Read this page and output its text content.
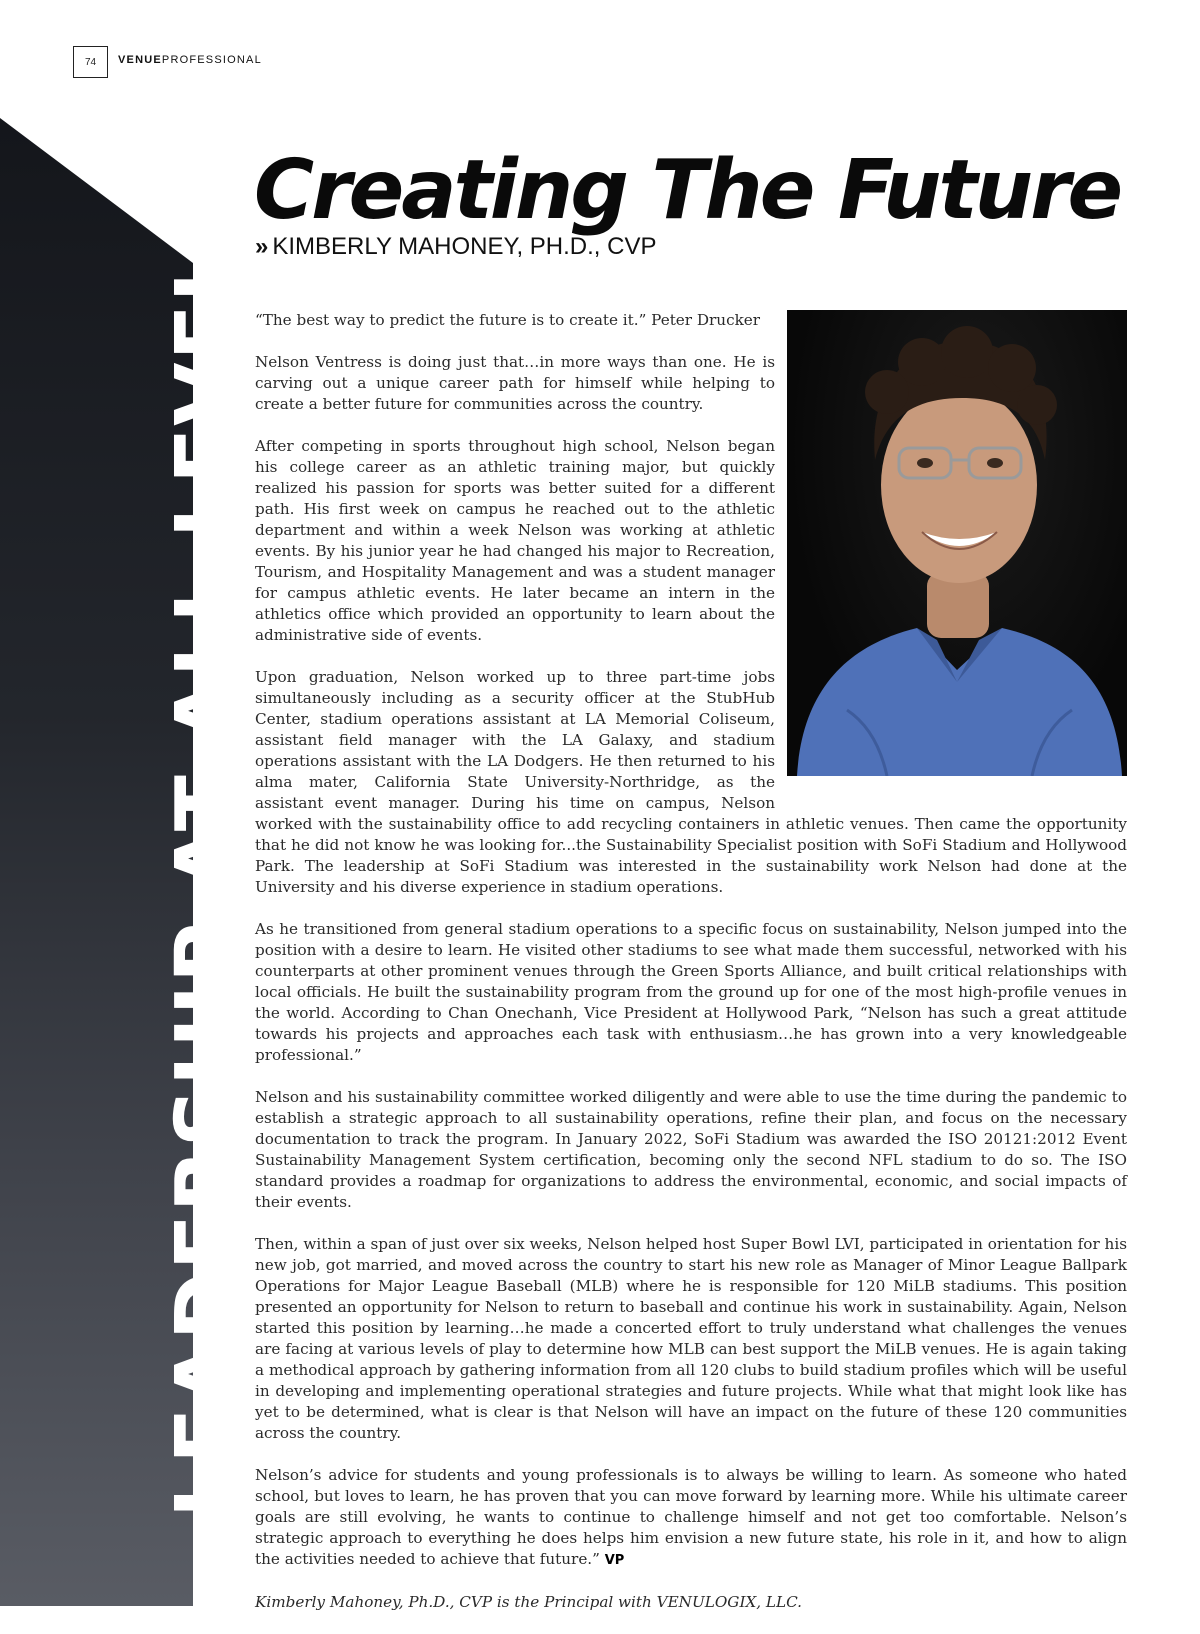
74	VENUEPROFESSIONAL
LEADERSHIP AT ALL LEVELS Creating The Future
» KIMBERLY MAHONEY, PH.D., CVP

“The best way to predict the future is to create it.” Peter Drucker

Nelson Ventress is doing just that…in more ways than one. He is carving out a unique career path for himself while helping to create a better future for communities across the country.

After competing in sports throughout high school, Nelson began his college career as an athletic training major, but quickly realized his passion for sports was better suited for a different path. His first week on campus he reached out to the athletic department and within a week Nelson was working at athletic events. By his junior year he had changed his major to Recreation, Tourism, and Hospitality Management and was a student manager for campus athletic events. He later became an intern in the athletics office which provided an opportunity to learn about the administrative side of events.

Upon graduation, Nelson worked up to three part-time jobs simultaneously including as a security officer at the StubHub Center, stadium operations assistant at LA Memorial Coliseum, assistant field manager with the LA Galaxy, and stadium operations assistant with the LA Dodgers. He then returned to his alma mater, California State University-Northridge, as the assistant event manager. During his time on campus, Nelson worked with the sustainability office to add recycling containers in athletic venues. Then came the opportunity that he did not know he was looking for...the Sustainability Specialist position with SoFi Stadium and Hollywood Park. The leadership at SoFi Stadium was interested in the sustainability work Nelson had done at the University and his diverse experience in stadium operations.

As he transitioned from general stadium operations to a specific focus on sustainability, Nelson jumped into the position with a desire to learn. He visited other stadiums to see what made them successful, networked with his counterparts at other prominent venues through the Green Sports Alliance, and built critical relationships with local officials. He built the sustainability program from the ground up for one of the most high-profile venues in the world. According to Chan Onechanh, Vice President at Hollywood Park, “Nelson has such a great attitude towards his projects and approaches each task with enthusiasm…he has grown into a very knowledgeable professional.”

Nelson and his sustainability committee worked diligently and were able to use the time during the pandemic to establish a strategic approach to all sustainability operations, refine their plan, and focus on the necessary documentation to track the program. In January 2022, SoFi Stadium was awarded the ISO 20121:2012 Event Sustainability Management System certification, becoming only the second NFL stadium to do so. The ISO standard provides a roadmap for organizations to address the environmental, economic, and social impacts of their events.

Then, within a span of just over six weeks, Nelson helped host Super Bowl LVI, participated in orientation for his new job, got married, and moved across the country to start his new role as Manager of Minor League Ballpark Operations for Major League Baseball (MLB) where he is responsible for 120 MiLB stadiums. This position presented an opportunity for Nelson to return to baseball and continue his work in sustainability. Again, Nelson started this position by learning…he made a concerted effort to truly understand what challenges the venues are facing at various levels of play to determine how MLB can best support the MiLB venues. He is again taking a methodical approach by gathering information from all 120 clubs to build stadium profiles which will be useful in developing and implementing operational strategies and future projects. While what that might look like has yet to be determined, what is clear is that Nelson will have an impact on the future of these 120 communities across the country.

Nelson’s advice for students and young professionals is to always be willing to learn. As someone who hated school, but loves to learn, he has proven that you can move forward by learning more. While his ultimate career goals are still evolving, he wants to continue to challenge himself and not get too comfortable. Nelson’s strategic approach to everything he does helps him envision a new future state, his role in it, and how to align the activities needed to achieve that future.” VP

Kimberly Mahoney, Ph.D., CVP is the Principal with VENULOGIX, LLC.
